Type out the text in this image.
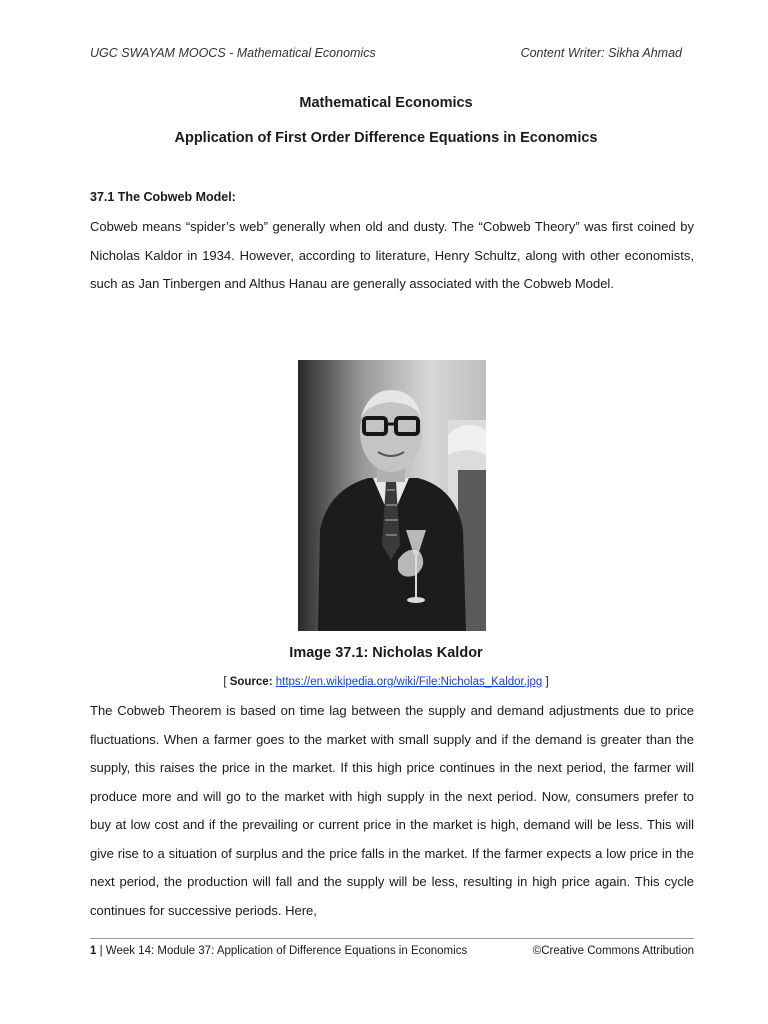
UGC SWAYAM MOOCS - Mathematical Economics	Content Writer: Sikha Ahmad
Mathematical Economics
Application of First Order Difference Equations in Economics
37.1 The Cobweb Model:
Cobweb means “spider’s web” generally when old and dusty. The “Cobweb Theory” was first coined by Nicholas Kaldor in 1934. However, according to literature, Henry Schultz, along with other economists, such as Jan Tinbergen and Althus Hanau are generally associated with the Cobweb Model.
Image 37.1: Nicholas Kaldor
[ Source: https://en.wikipedia.org/wiki/File:Nicholas_Kaldor.jpg ]
The Cobweb Theorem is based on time lag between the supply and demand adjustments due to price fluctuations. When a farmer goes to the market with small supply and if the demand is greater than the supply, this raises the price in the market. If this high price continues in the next period, the farmer will produce more and will go to the market with high supply in the next period. Now, consumers prefer to buy at low cost and if the prevailing or current price in the market is high, demand will be less. This will give rise to a situation of surplus and the price falls in the market. If the farmer expects a low price in the next period, the production will fall and the supply will be less, resulting in high price again. This cycle continues for successive periods. Here,
1 | Week 14: Module 37: Application of Difference Equations in Economics	©Creative Commons Attribution
